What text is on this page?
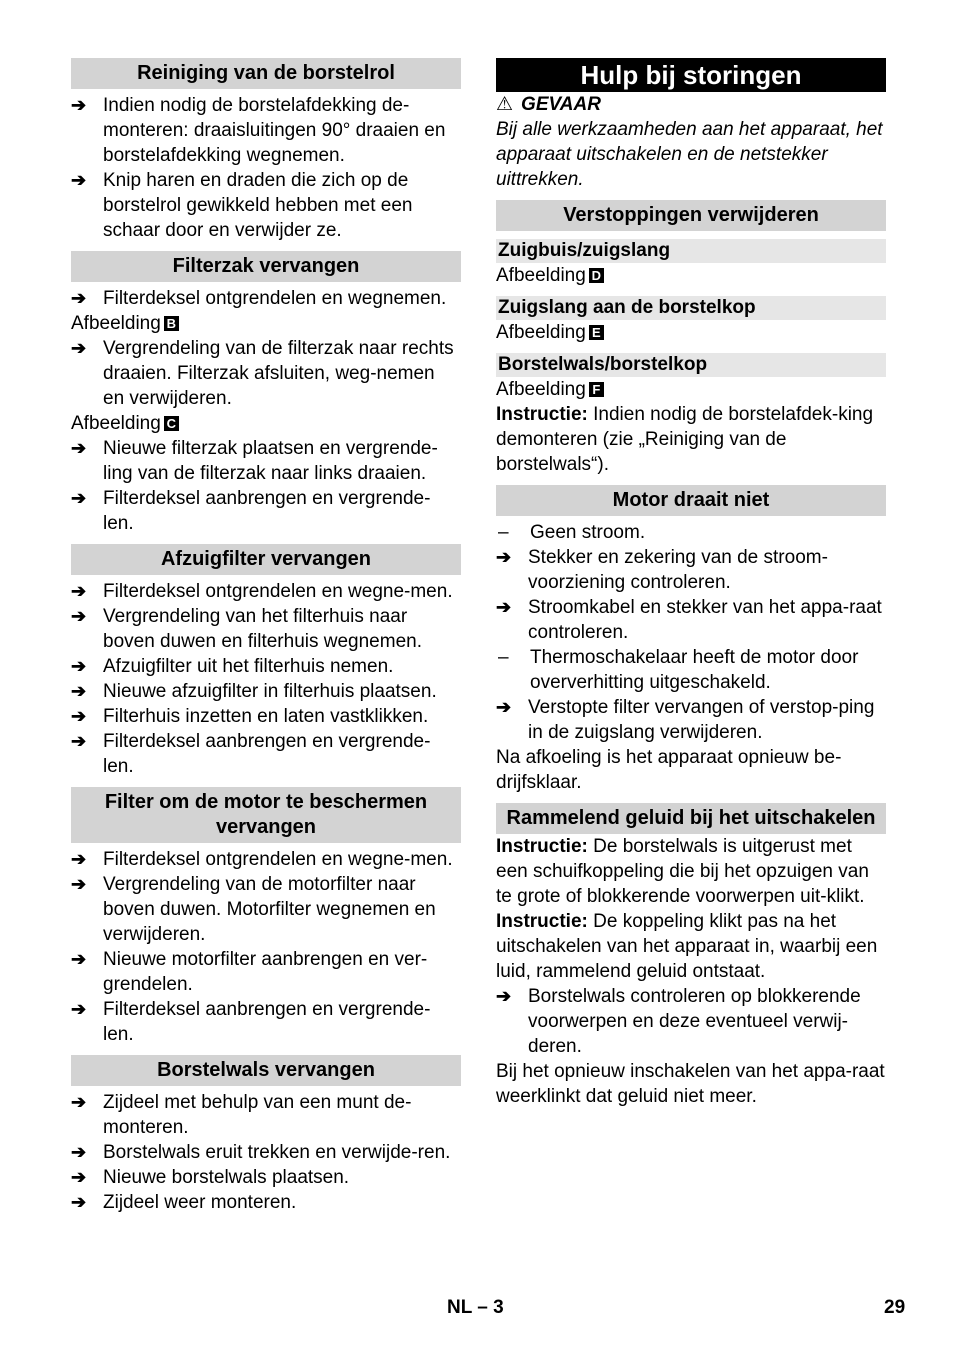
Reiniging van de borstelrol
➔ Indien nodig de borstelafdekking de-monteren: draaisluitingen 90° draaien en borstelafdekking wegnemen.
➔ Knip haren en draden die zich op de borstelrol gewikkeld hebben met een schaar door en verwijder ze.
Filterzak vervangen
➔ Filterdeksel ontgrendelen en wegnemen.
Afbeelding B
➔ Vergrendeling van de filterzak naar rechts draaien. Filterzak afsluiten, weg-nemen en verwijderen.
Afbeelding C
➔ Nieuwe filterzak plaatsen en vergrende-ling van de filterzak naar links draaien.
➔ Filterdeksel aanbrengen en vergrende-len.
Afzuigfilter vervangen
➔ Filterdeksel ontgrendelen en wegne-men.
➔ Vergrendeling van het filterhuis naar boven duwen en filterhuis wegnemen.
➔ Afzuigfilter uit het filterhuis nemen.
➔ Nieuwe afzuigfilter in filterhuis plaatsen.
➔ Filterhuis inzetten en laten vastklikken.
➔ Filterdeksel aanbrengen en vergrende-len.
Filter om de motor te beschermen vervangen
➔ Filterdeksel ontgrendelen en wegne-men.
➔ Vergrendeling van de motorfilter naar boven duwen. Motorfilter wegnemen en verwijderen.
➔ Nieuwe motorfilter aanbrengen en ver-grendelen.
➔ Filterdeksel aanbrengen en vergrende-len.
Borstelwals vervangen
➔ Zijdeel met behulp van een munt de-monteren.
➔ Borstelwals eruit trekken en verwijde-ren.
➔ Nieuwe borstelwals plaatsen.
➔ Zijdeel weer monteren.
Hulp bij storingen
⚠ GEVAAR
Bij alle werkzaamheden aan het apparaat, het apparaat uitschakelen en de netstekker uittrekken.
Verstoppingen verwijderen
Zuigbuis/zuigslang
Afbeelding D
Zuigslang aan de borstelkop
Afbeelding E
Borstelwals/borstelkop
Afbeelding F
Instructie: Indien nodig de borstelafdek-king demonteren (zie „Reiniging van de borstelwals“).
Motor draait niet
–	Geen stroom.
➔ Stekker en zekering van de stroom-voorziening controleren.
➔ Stroomkabel en stekker van het appa-raat controleren.
–	Thermoschakelaar heeft de motor door oververhitting uitgeschakeld.
➔ Verstopte filter vervangen of verstop-ping in de zuigslang verwijderen.
Na afkoeling is het apparaat opnieuw be-drijfsklaar.
Rammelend geluid bij het uitschakelen
Instructie: De borstelwals is uitgerust met een schuifkoppeling die bij het opzuigen van te grote of blokkerende voorwerpen uit-klikt.
Instructie: De koppeling klikt pas na het uitschakelen van het apparaat in, waarbij een luid, rammelend geluid ontstaat.
➔ Borstelwals controleren op blokkerende voorwerpen en deze eventueel verwij-deren.
Bij het opnieuw inschakelen van het appa-raat weerklinkt dat geluid niet meer.
NL – 3	29
